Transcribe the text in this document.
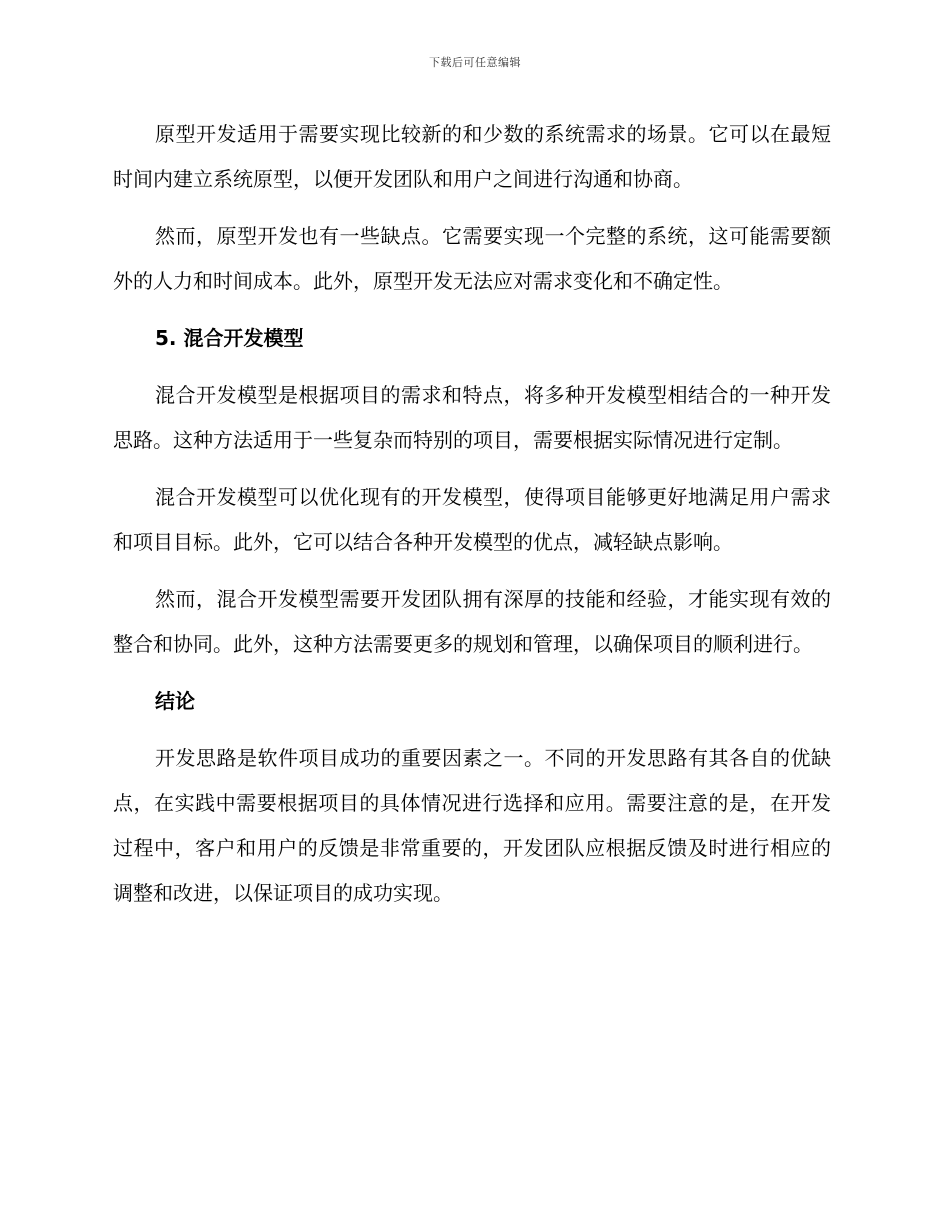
下载后可任意编辑

原型开发适用于需要实现比较新的和少数的系统需求的场景。它可以在最短时间内建立系统原型，以便开发团队和用户之间进行沟通和协商。

然而，原型开发也有一些缺点。它需要实现一个完整的系统，这可能需要额外的人力和时间成本。此外，原型开发无法应对需求变化和不确定性。

5. 混合开发模型

混合开发模型是根据项目的需求和特点，将多种开发模型相结合的一种开发思路。这种方法适用于一些复杂而特别的项目，需要根据实际情况进行定制。

混合开发模型可以优化现有的开发模型，使得项目能够更好地满足用户需求和项目目标。此外，它可以结合各种开发模型的优点，减轻缺点影响。

然而，混合开发模型需要开发团队拥有深厚的技能和经验，才能实现有效的整合和协同。此外，这种方法需要更多的规划和管理，以确保项目的顺利进行。

结论

开发思路是软件项目成功的重要因素之一。不同的开发思路有其各自的优缺点，在实践中需要根据项目的具体情况进行选择和应用。需要注意的是，在开发过程中，客户和用户的反馈是非常重要的，开发团队应根据反馈及时进行相应的调整和改进，以保证项目的成功实现。
